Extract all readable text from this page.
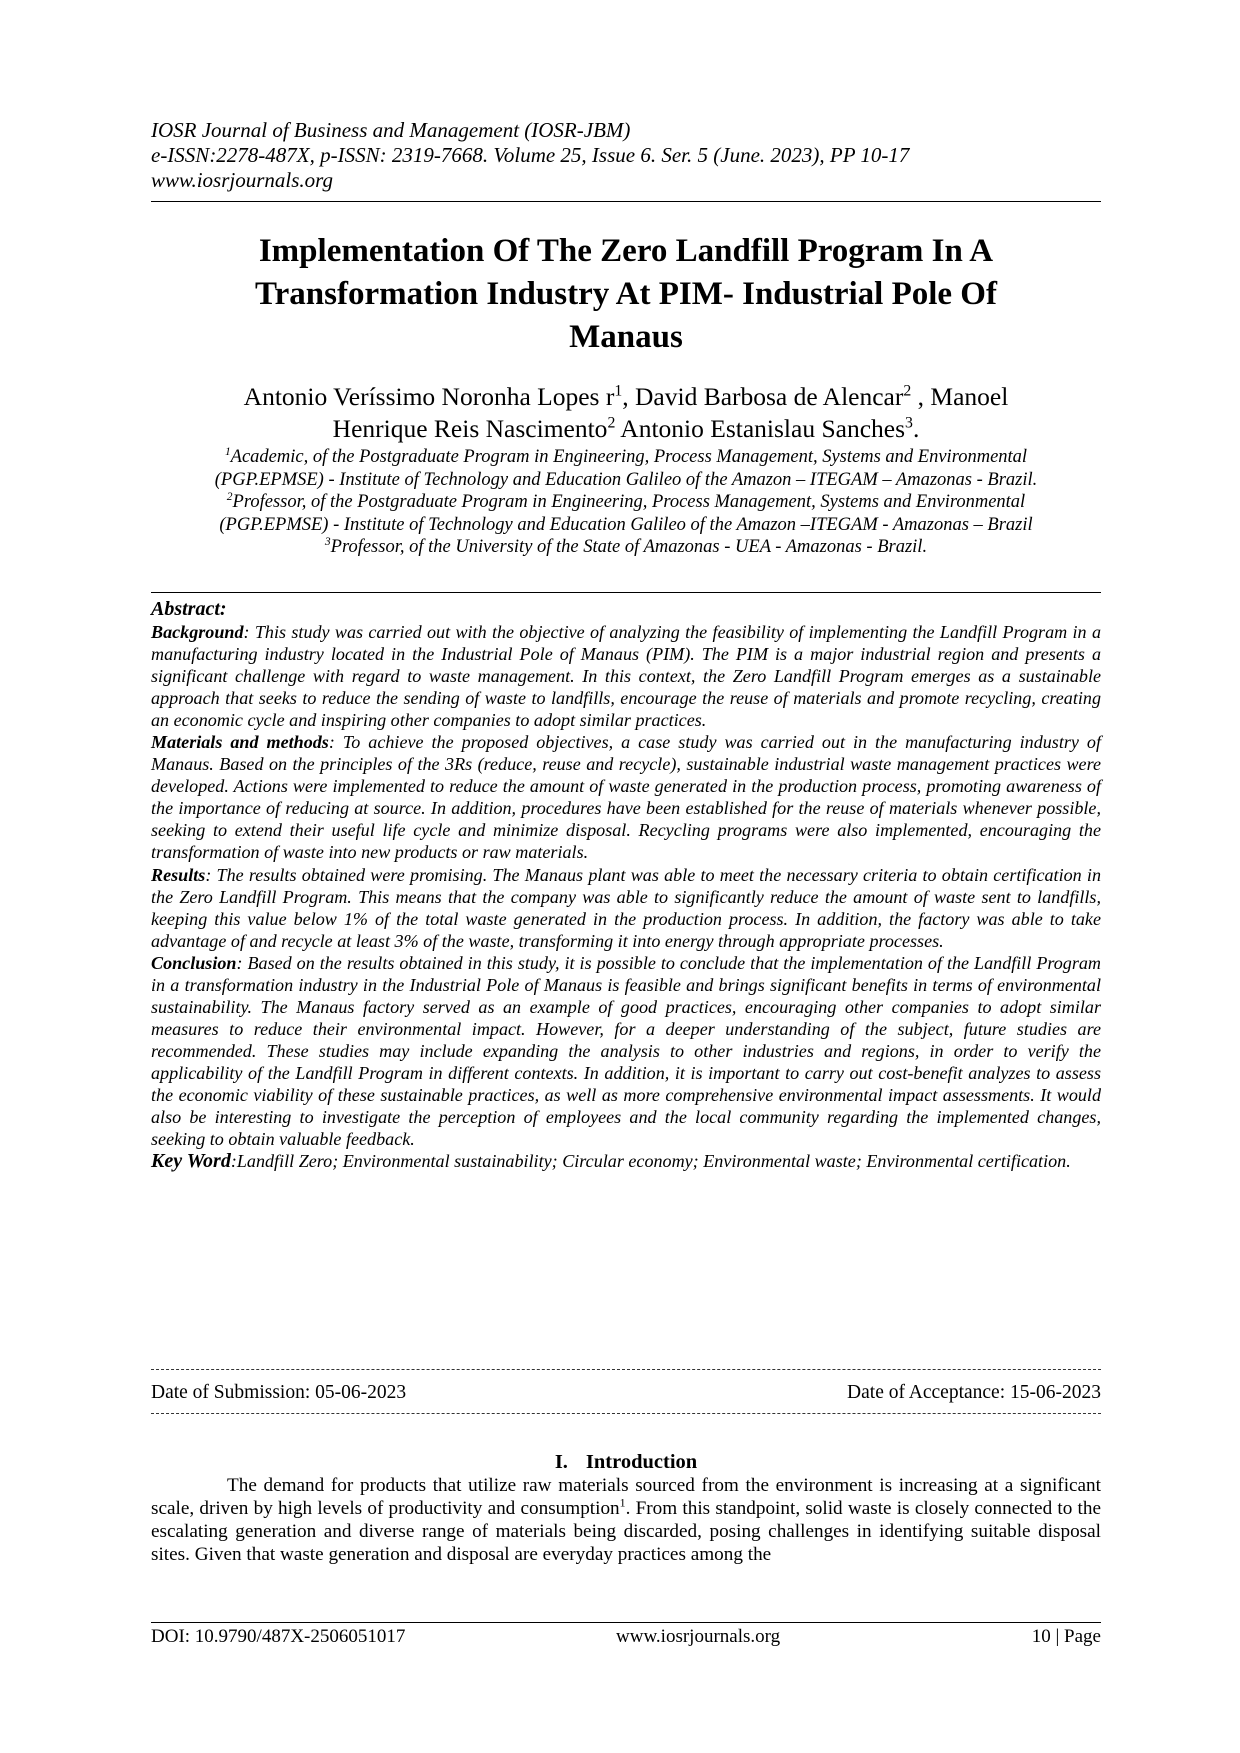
IOSR Journal of Business and Management (IOSR-JBM)
e-ISSN:2278-487X, p-ISSN: 2319-7668. Volume 25, Issue 6. Ser. 5 (June. 2023), PP 10-17
www.iosrjournals.org
Implementation Of The Zero Landfill Program In A
Transformation Industry At PIM- Industrial Pole Of
Manaus
Antonio Veríssimo Noronha Lopes $r^1$, David Barbosa de Alencar$^2$ , Manoel
Henrique Reis Nascimento$^2$ Antonio Estanislau Sanches$^3$.
$^1$Academic, of the Postgraduate Program in Engineering, Process Management, Systems and Environmental
(PGP.EPMSE) - Institute of Technology and Education Galileo of the Amazon – ITEGAM – Amazonas - Brazil.
$^2$Professor, of the Postgraduate Program in Engineering, Process Management, Systems and Environmental
(PGP.EPMSE) - Institute of Technology and Education Galileo of the Amazon –ITEGAM - Amazonas – Brazil
$^3$Professor, of the University of the State of Amazonas - UEA - Amazonas - Brazil.
Abstract:

Background: This study was carried out with the objective of analyzing the feasibility of implementing the Landfill Program in a manufacturing industry located in the Industrial Pole of Manaus (PIM). The PIM is a major industrial region and presents a significant challenge with regard to waste management. In this context, the Zero Landfill Program emerges as a sustainable approach that seeks to reduce the sending of waste to landfills, encourage the reuse of materials and promote recycling, creating an economic cycle and inspiring other companies to adopt similar practices.

Materials and methods: To achieve the proposed objectives, a case study was carried out in the manufacturing industry of Manaus. Based on the principles of the 3Rs (reduce, reuse and recycle), sustainable industrial waste management practices were developed. Actions were implemented to reduce the amount of waste generated in the production process, promoting awareness of the importance of reducing at source. In addition, procedures have been established for the reuse of materials whenever possible, seeking to extend their useful life cycle and minimize disposal. Recycling programs were also implemented, encouraging the transformation of waste into new products or raw materials.

Results: The results obtained were promising. The Manaus plant was able to meet the necessary criteria to obtain certification in the Zero Landfill Program. This means that the company was able to significantly reduce the amount of waste sent to landfills, keeping this value below 1% of the total waste generated in the production process. In addition, the factory was able to take advantage of and recycle at least 3% of the waste, transforming it into energy through appropriate processes.

Conclusion: Based on the results obtained in this study, it is possible to conclude that the implementation of the Landfill Program in a transformation industry in the Industrial Pole of Manaus is feasible and brings significant benefits in terms of environmental sustainability. The Manaus factory served as an example of good practices, encouraging other companies to adopt similar measures to reduce their environmental impact. However, for a deeper understanding of the subject, future studies are recommended. These studies may include expanding the analysis to other industries and regions, in order to verify the applicability of the Landfill Program in different contexts. In addition, it is important to carry out cost-benefit analyzes to assess the economic viability of these sustainable practices, as well as more comprehensive environmental impact assessments. It would also be interesting to investigate the perception of employees and the local community regarding the implemented changes, seeking to obtain valuable feedback.

Key Word:Landfill Zero; Environmental sustainability; Circular economy; Environmental waste; Environmental certification.

Date of Submission: 05-06-2023	Date of Acceptance: 15-06-2023
I. Introduction

The demand for products that utilize raw materials sourced from the environment is increasing at a significant scale, driven by high levels of productivity and consumption$^1$. From this standpoint, solid waste is closely connected to the escalating generation and diverse range of materials being discarded, posing challenges in identifying suitable disposal sites. Given that waste generation and disposal are everyday practices among the

DOI: 10.9790/487X-2506051017	www.iosrjournals.org	10 | Page
